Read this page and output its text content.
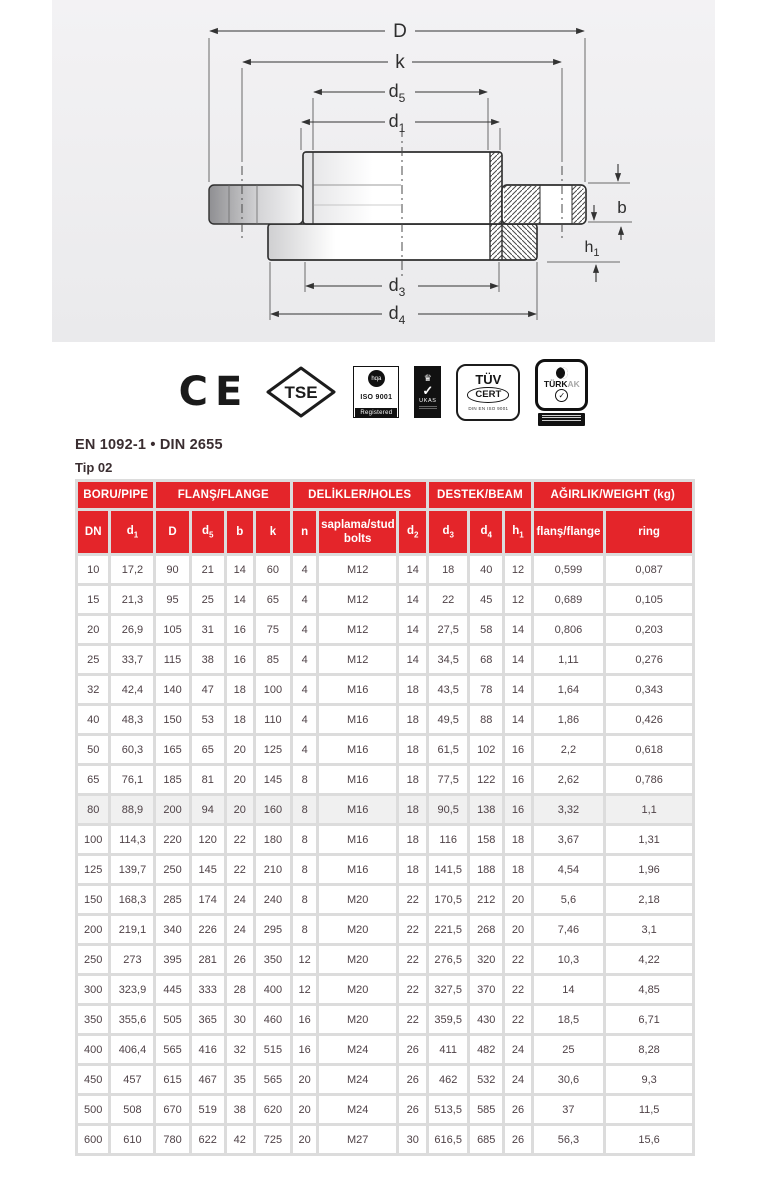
D
k
$d_5$
$d_1$
$d_3$
$d_4$
b
$h_1$
CE TSE
hqa
ISO 9001
Registered
♛
✓
UKAS
TÜV
CERT
DIN EN ISO 9001
TÜRKAK
✓
EN 1092-1 • DIN 2655
Tip 02
BORU/PIPE		FLANŞ/FLANGE				DELİKLER/HOLES			DESTEK/BEAM			AĞIRLIK/WEIGHT (kg)	
DN	$d_1$	D	$d_5$	b	k	n	saplama/stud bolts	$d_2$	$d_3$	$d_4$	$h_1$	flanş/flange	ring
10	17,2	90	21	14	60	4	M12	14	18	40	12	0,599	0,087
15	21,3	95	25	14	65	4	M12	14	22	45	12	0,689	0,105
20	26,9	105	31	16	75	4	M12	14	27,5	58	14	0,806	0,203
25	33,7	115	38	16	85	4	M12	14	34,5	68	14	1,11	0,276
32	42,4	140	47	18	100	4	M16	18	43,5	78	14	1,64	0,343
40	48,3	150	53	18	110	4	M16	18	49,5	88	14	1,86	0,426
50	60,3	165	65	20	125	4	M16	18	61,5	102	16	2,2	0,618
65	76,1	185	81	20	145	8	M16	18	77,5	122	16	2,62	0,786
80	88,9	200	94	20	160	8	M16	18	90,5	138	16	3,32	1,1
100	114,3	220	120	22	180	8	M16	18	116	158	18	3,67	1,31
125	139,7	250	145	22	210	8	M16	18	141,5	188	18	4,54	1,96
150	168,3	285	174	24	240	8	M20	22	170,5	212	20	5,6	2,18
200	219,1	340	226	24	295	8	M20	22	221,5	268	20	7,46	3,1
250	273	395	281	26	350	12	M20	22	276,5	320	22	10,3	4,22
300	323,9	445	333	28	400	12	M20	22	327,5	370	22	14	4,85
350	355,6	505	365	30	460	16	M20	22	359,5	430	22	18,5	6,71
400	406,4	565	416	32	515	16	M24	26	411	482	24	25	8,28
450	457	615	467	35	565	20	M24	26	462	532	24	30,6	9,3
500	508	670	519	38	620	20	M24	26	513,5	585	26	37	11,5
600	610	780	622	42	725	20	M27	30	616,5	685	26	56,3	15,6
